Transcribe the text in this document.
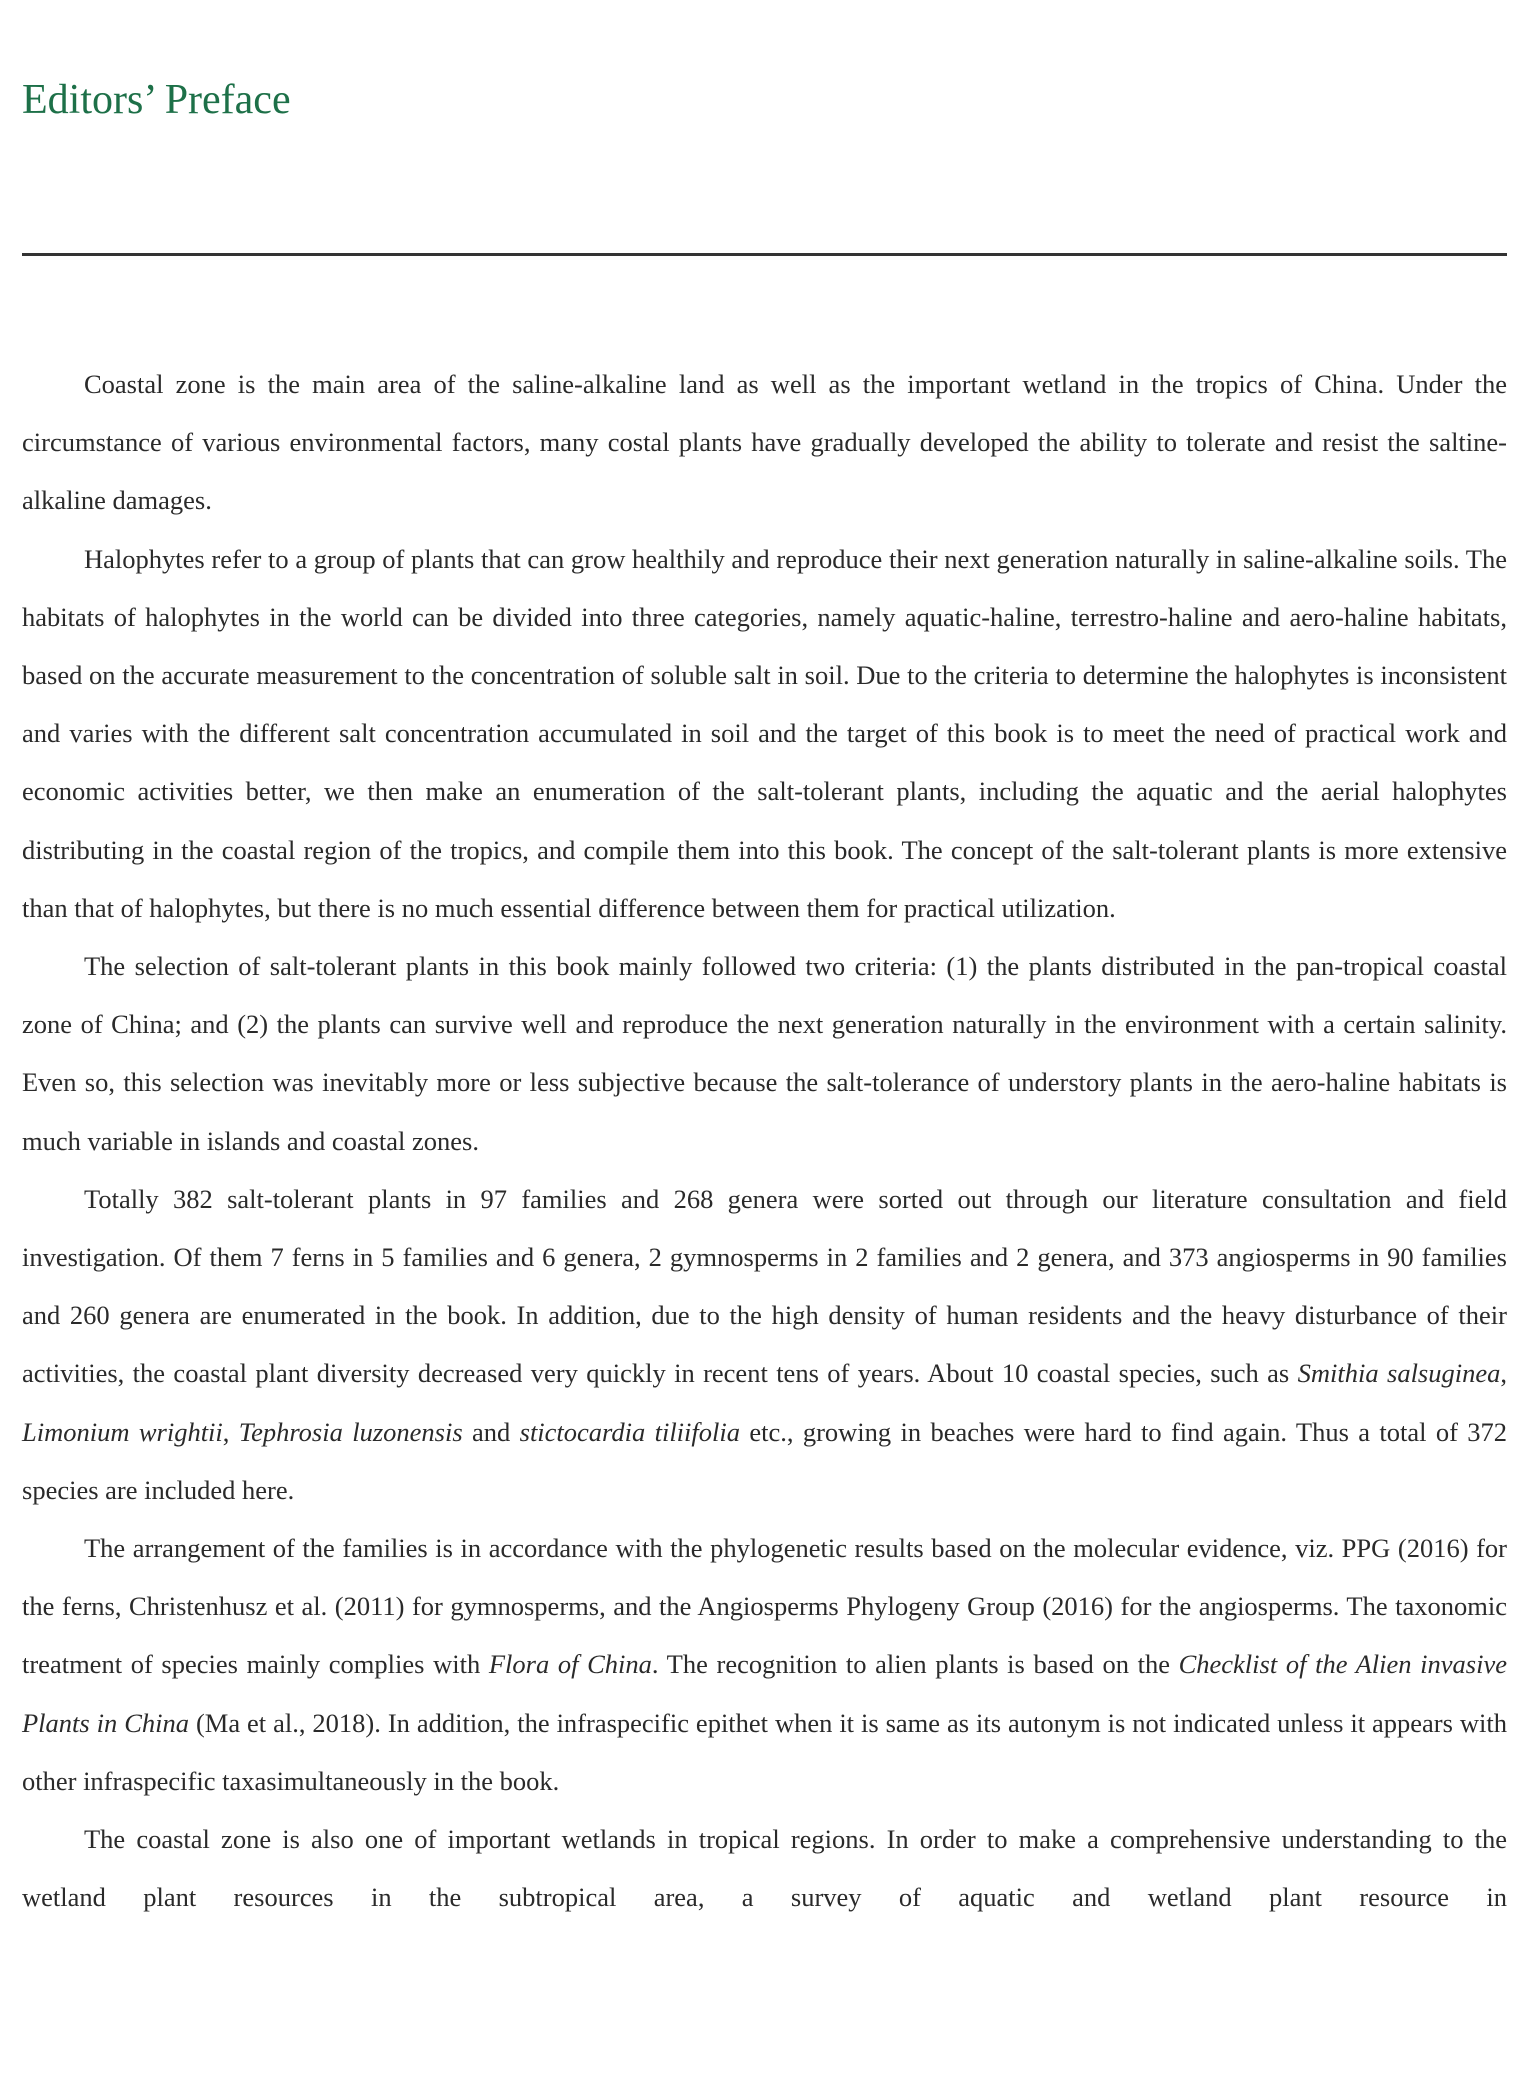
Editors’ Preface

Coastal zone is the main area of the saline-alkaline land as well as the important wetland in the tropics of China. Under the circumstance of various environmental factors, many costal plants have gradually developed the ability to tolerate and resist the saltine-alkaline damages.

Halophytes refer to a group of plants that can grow healthily and reproduce their next generation naturally in saline-alkaline soils. The habitats of halophytes in the world can be divided into three categories, namely aquatic-haline, terrestro-haline and aero-haline habitats, based on the accurate measurement to the concentration of soluble salt in soil. Due to the criteria to determine the halophytes is inconsistent and varies with the different salt concentration accumulated in soil and the target of this book is to meet the need of practical work and economic activities better, we then make an enumeration of the salt-tolerant plants, including the aquatic and the aerial halophytes distributing in the coastal region of the tropics, and compile them into this book. The concept of the salt-tolerant plants is more extensive than that of halophytes, but there is no much essential difference between them for practical utilization.

The selection of salt-tolerant plants in this book mainly followed two criteria: (1) the plants distributed in the pan-tropical coastal zone of China; and (2) the plants can survive well and reproduce the next generation naturally in the environment with a certain salinity. Even so, this selection was inevitably more or less subjective because the salt-tolerance of understory plants in the aero-haline habitats is much variable in islands and coastal zones.

Totally 382 salt-tolerant plants in 97 families and 268 genera were sorted out through our literature consultation and field investigation. Of them 7 ferns in 5 families and 6 genera, 2 gymnosperms in 2 families and 2 genera, and 373 angiosperms in 90 families and 260 genera are enumerated in the book. In addition, due to the high density of human residents and the heavy disturbance of their activities, the coastal plant diversity decreased very quickly in recent tens of years. About 10 coastal species, such as Smithia salsuginea, Limonium wrightii, Tephrosia luzonensis and stictocardia tiliifolia etc., growing in beaches were hard to find again. Thus a total of 372 species are included here.

The arrangement of the families is in accordance with the phylogenetic results based on the molecular evidence, viz. PPG (2016) for the ferns, Christenhusz et al. (2011) for gymnosperms, and the Angiosperms Phylogeny Group (2016) for the angiosperms. The taxonomic treatment of species mainly complies with Flora of China. The recognition to alien plants is based on the Checklist of the Alien invasive Plants in China (Ma et al., 2018). In addition, the infraspecific epithet when it is same as its autonym is not indicated unless it appears with other infraspecific taxasimultaneously in the book.

The coastal zone is also one of important wetlands in tropical regions. In order to make a comprehensive understanding to the wetland plant resources in the subtropical area, a survey of aquatic and wetland plant resource in
